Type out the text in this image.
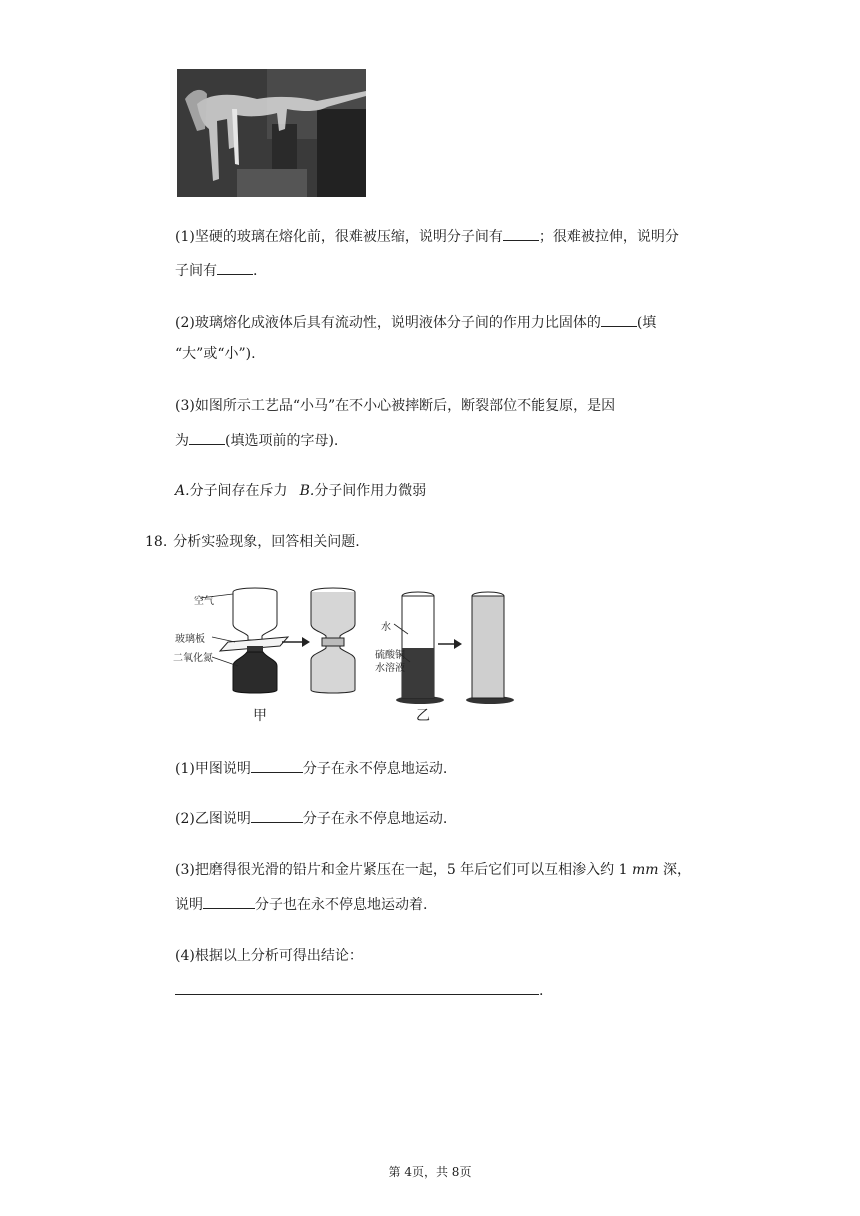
(1)坚硬的玻璃在熔化前，很难被压缩，说明分子间有	；很难被拉伸，说明分
子间有	.
(2)玻璃熔化成液体后具有流动性，说明液体分子间的作用力比固体的	(填
“大”或“小”).
(3)如图所示工艺品“小马”在不小心被摔断后，断裂部位不能复原，是因
为	(填选项前的字母).
A.分子间存在斥力 B.分子间作用力微弱
18. 分析实验现象，回答相关问题.
空气
玻璃板
二氧化氮
水
硫酸铜
水溶液
甲	乙
(1)甲图说明	分子在永不停息地运动.
(2)乙图说明	分子在永不停息地运动.
(3)把磨得很光滑的铅片和金片紧压在一起，5 年后它们可以互相渗入约 1 mm 深，
说明	分子也在永不停息地运动着.
(4)根据以上分析可得出结论：
.
第 4页，共 8页
